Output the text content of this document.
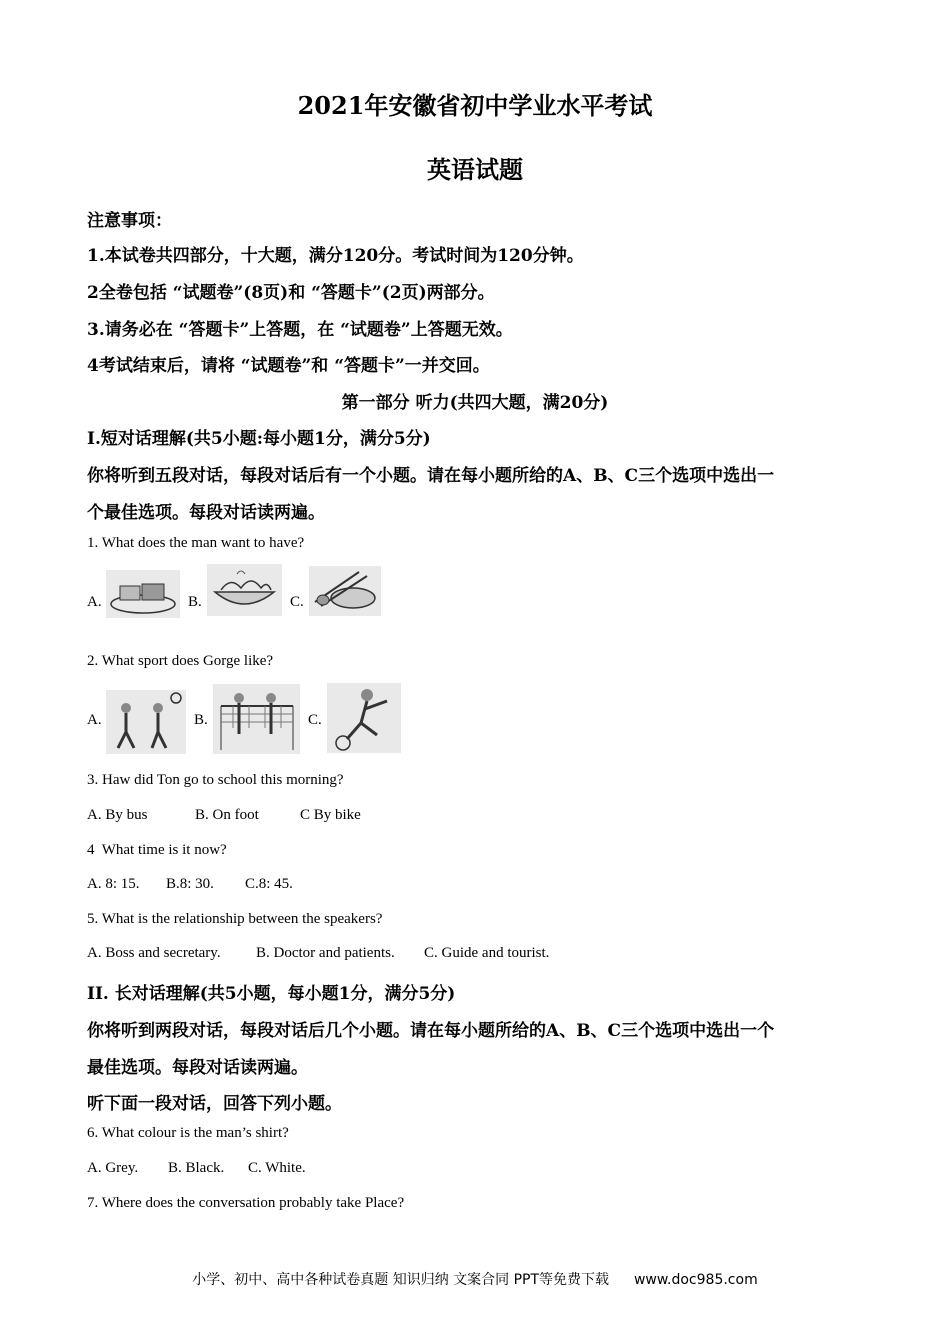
2021年安徽省初中学业水平考试
英语试题
注意事项：
1.本试卷共四部分，十大题，满分120分。考试时间为120分钟。
2全卷包括 “试题卷”(8页)和 “答题卡”(2页)两部分。
3.请务必在 “答题卡”上答题，在 “试题卷”上答题无效。
4考试结束后，请将 “试题卷”和 “答题卡”一并交回。
第一部分 听力(共四大题，满20分)
I.短对话理解(共5小题:每小题1分，满分5分)
你将听到五段对话，每段对话后有一个小题。请在每小题所给的A、B、C三个选项中选出一
个最佳选项。每段对话读两遍。
1. What does the man want to have?
A.	B.	C.
2. What sport does Gorge like?
A.	B.	C.
3. Haw did Ton go to school this morning?
A. By bus	B. On foot	C By bike
4  What time is it now?
A. 8: 15. B.8: 30. C.8: 45.
5. What is the relationship between the speakers?
A. Boss and secretary. B. Doctor and patients. C. Guide and tourist.
II. 长对话理解(共5小题，每小题1分，满分5分)
你将听到两段对话，每段对话后几个小题。请在每小题所给的A、B、C三个选项中选出一个
最佳选项。每段对话读两遍。
听下面一段对话，回答下列小题。
6. What colour is the man’s shirt?
A. Grey. B. Black. C. White.
7. Where does the conversation probably take Place?
小学、初中、高中各种试卷真题 知识归纳 文案合同 PPT等免费下载 www.doc985.com
